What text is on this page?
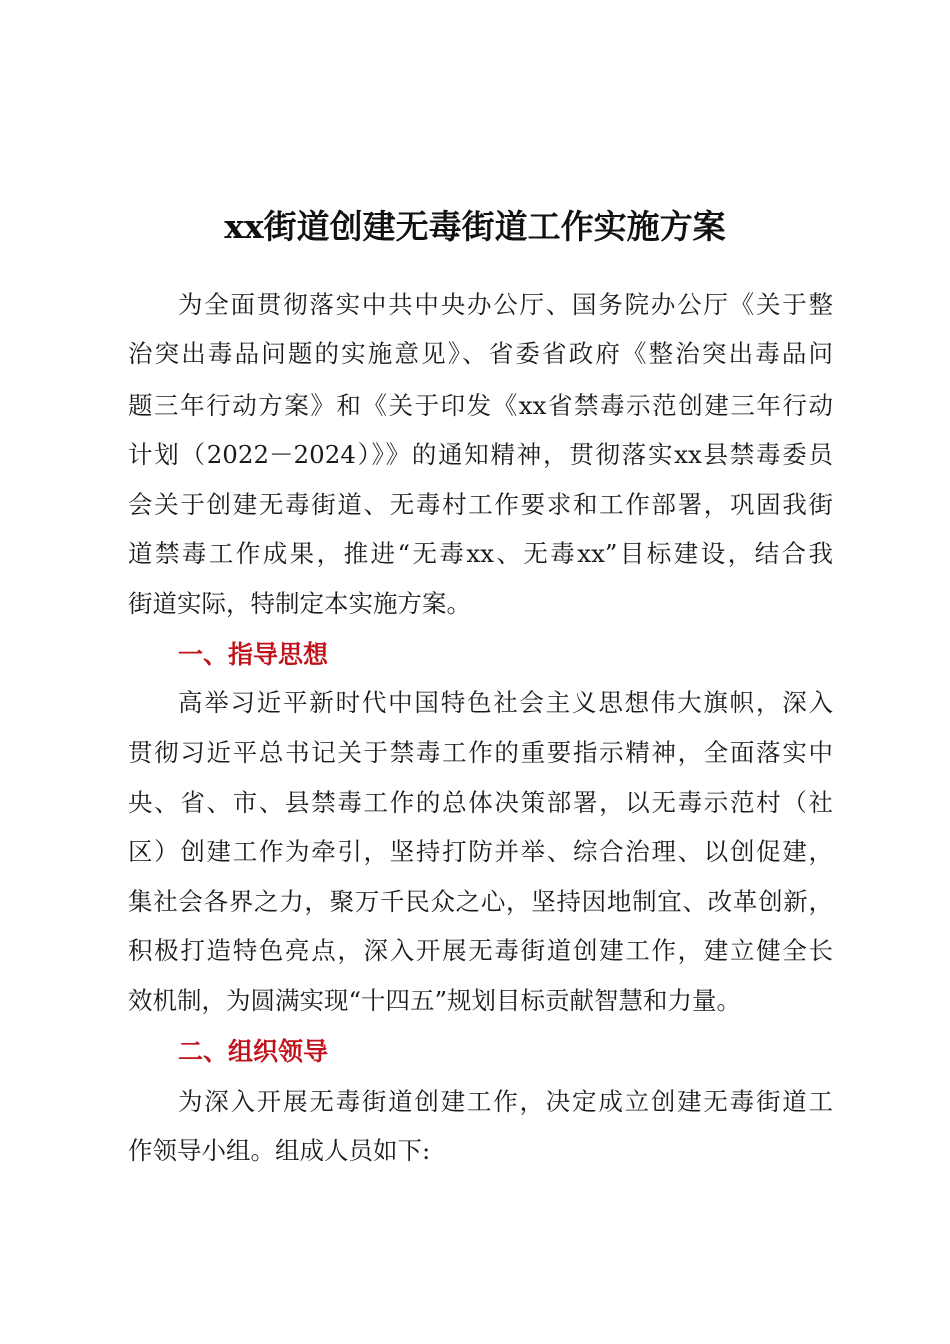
xx街道创建无毒街道工作实施方案
为全面贯彻落实中共中央办公厅、国务院办公厅《关于整
治突出毒品问题的实施意见》、省委省政府《整治突出毒品问
题三年行动方案》和《关于印发《xx省禁毒示范创建三年行动
计划（2022－2024）》》的通知精神，贯彻落实xx县禁毒委员
会关于创建无毒街道、无毒村工作要求和工作部署，巩固我街
道禁毒工作成果，推进“无毒xx、无毒xx”目标建设，结合我
街道实际，特制定本实施方案。
一、指导思想
高举习近平新时代中国特色社会主义思想伟大旗帜，深入
贯彻习近平总书记关于禁毒工作的重要指示精神，全面落实中
央、省、市、县禁毒工作的总体决策部署，以无毒示范村（社
区）创建工作为牵引，坚持打防并举、综合治理、以创促建，
集社会各界之力，聚万千民众之心，坚持因地制宜、改革创新，
积极打造特色亮点，深入开展无毒街道创建工作，建立健全长
效机制，为圆满实现“十四五”规划目标贡献智慧和力量。
二、组织领导
为深入开展无毒街道创建工作，决定成立创建无毒街道工
作领导小组。组成人员如下:
